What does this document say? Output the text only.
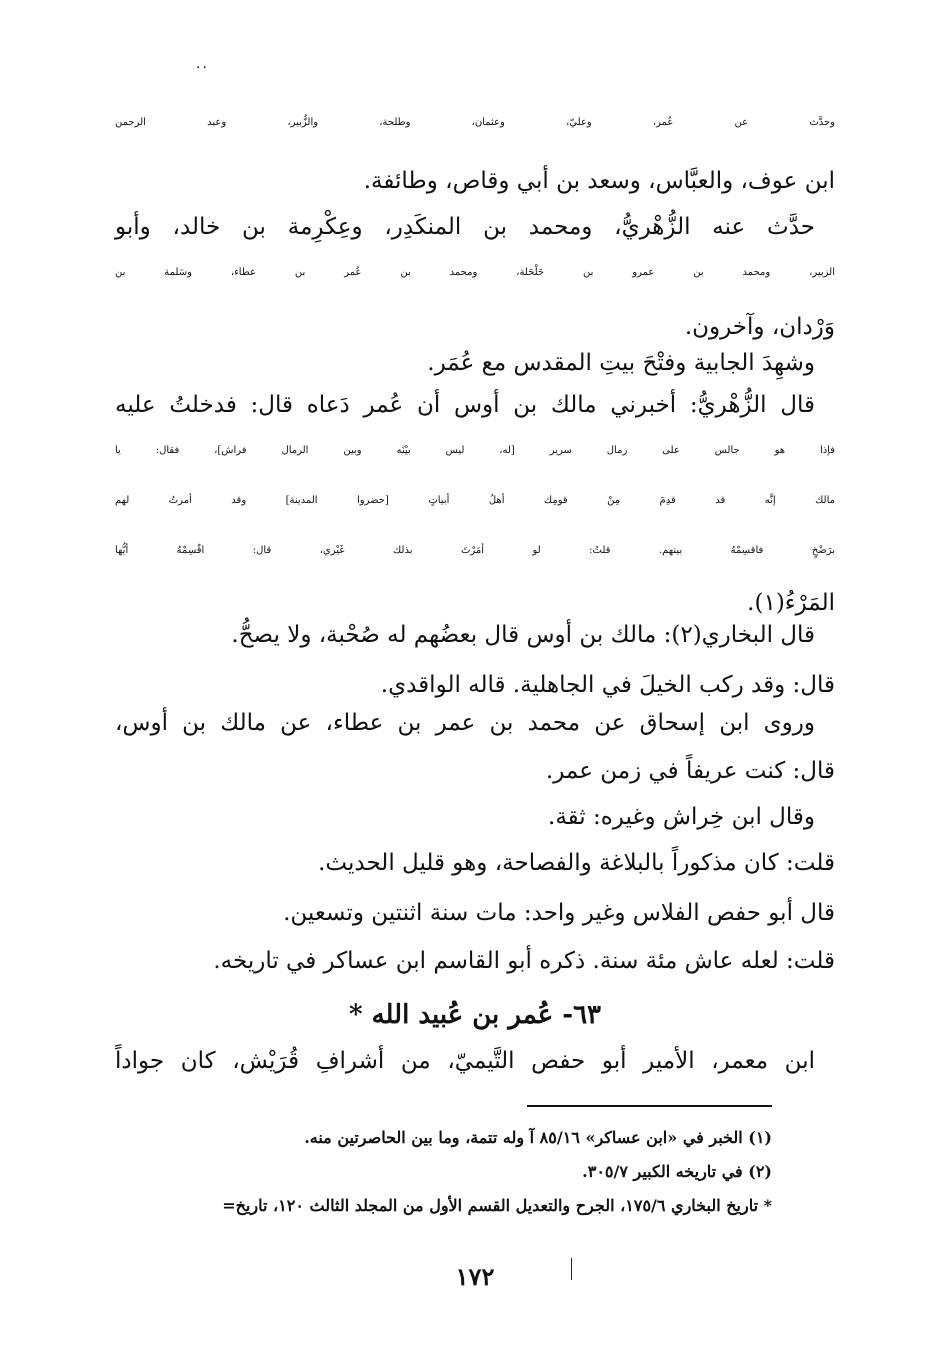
..
وحدَّث عن عُمر، وعليّ، وعثمان، وطلحة، والزُّبير، وعبد الرحمن
ابن عوف، والعبَّاس، وسعد بن أبي وقاص، وطائفة.
حدَّث عنه الزُّهْريُّ، ومحمد بن المنكَدِر، وعِكْرِمة بن خالد، وأبو
الزبير، ومحمد بن عمرو بن حَلْحَلة، ومحمد بن عُمر بن عطاء، وسَلمة بن
وَرْدان، وآخرون.
وشهِدَ الجابية وفتْحَ بيتِ المقدس مع عُمَر.
قال الزُّهْريُّ: أخبرني مالك بن أوس أن عُمر دَعاه قال: فدخلتُ عليه
فإذا هو جالس على رمال سرير [له، ليس بيْنَه وبين الرمال فراش]، فقال: يا
مالك إنَّه قد قدِمَ مِنْ قومِك أهلُ أبياتٍ [حضروا المدينة] وقد أمرتُ لهم
برَضْخٍ فاقسِمْهُ بينهم. قلتُ: لو أمَرْتَ بذلك غَيْري، قال: اقْسِمْهُ أيُّها
المَرْءُ(١).
قال البخاري(٢): مالك بن أوس قال بعضُهم له صُحْبة، ولا يصحُّ.
قال: وقد ركب الخيلَ في الجاهلية. قاله الواقدي.
وروى ابن إسحاق عن محمد بن عمر بن عطاء، عن مالك بن أوس،
قال: كنت عريفاً في زمن عمر.
وقال ابن خِراش وغيره: ثقة.
قلت: كان مذكوراً بالبلاغة والفصاحة، وهو قليل الحديث.
قال أبو حفص الفلاس وغير واحد: مات سنة اثنتين وتسعين.
قلت: لعله عاش مئة سنة. ذكره أبو القاسم ابن عساكر في تاريخه.
٦٣- عُمر بن عُبيد الله *
ابن معمر، الأمير أبو حفص التَّيميّ، من أشرافِ قُرَيْش، كان جواداً
(١) الخبر في «ابن عساكر» ٨٥/١٦ آ وله تتمة، وما بين الحاصرتين منه.
(٢) في تاريخه الكبير ٣٠٥/٧.
* تاريخ البخاري ١٧٥/٦، الجرح والتعديل القسم الأول من المجلد الثالث ١٢٠، تاريخ=
١٧٢
